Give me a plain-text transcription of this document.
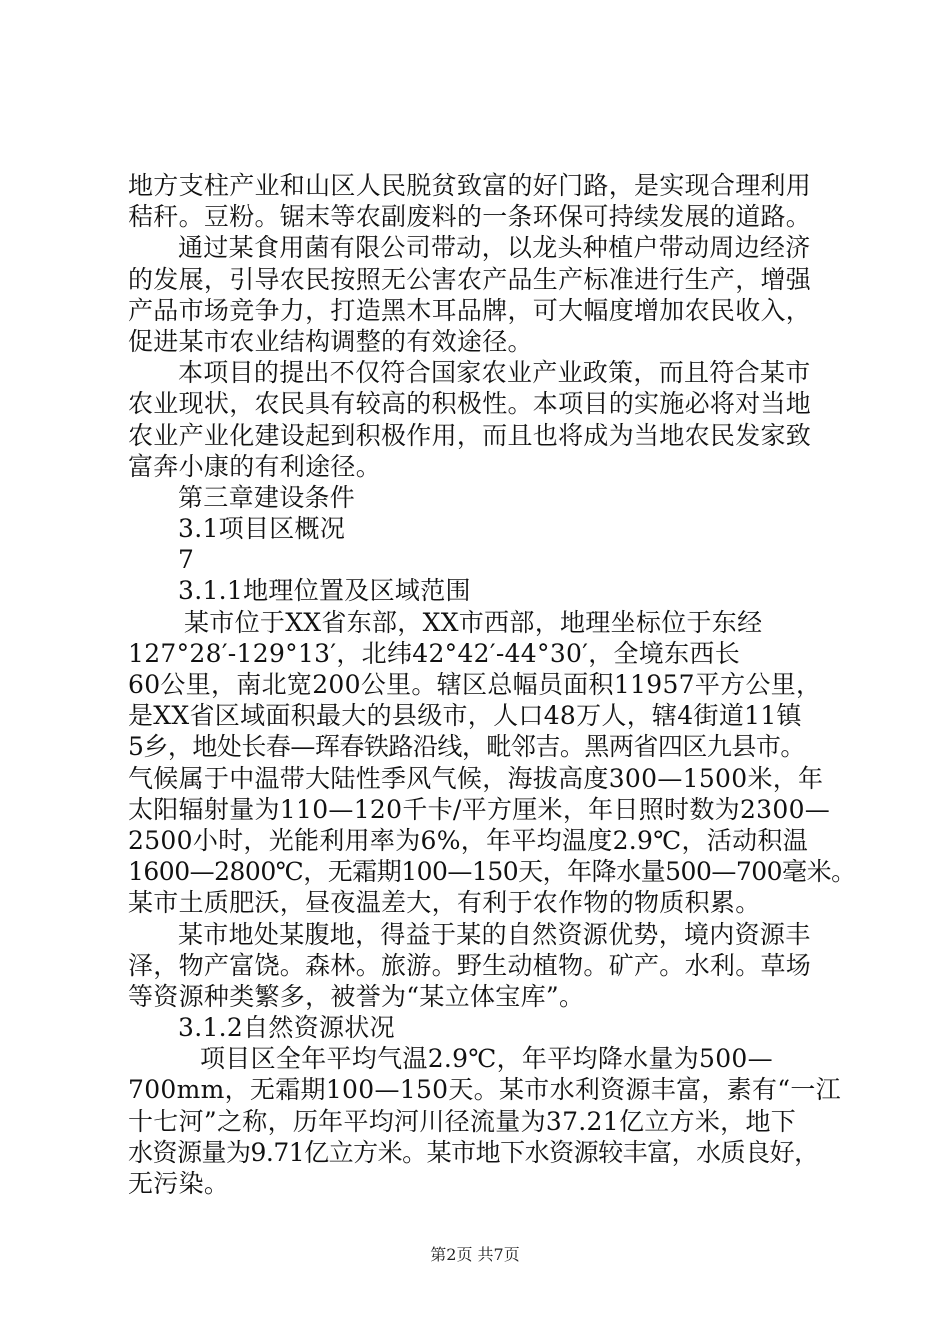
地方支柱产业和山区人民脱贫致富的好门路，是实现合理利用
秸秆。豆粉。锯末等农副废料的一条环保可持续发展的道路。
通过某食用菌有限公司带动，以龙头种植户带动周边经济
的发展，引导农民按照无公害农产品生产标准进行生产，增强
产品市场竞争力，打造黑木耳品牌，可大幅度增加农民收入，
促进某市农业结构调整的有效途径。
本项目的提出不仅符合国家农业产业政策，而且符合某市
农业现状，农民具有较高的积极性。本项目的实施必将对当地
农业产业化建设起到积极作用，而且也将成为当地农民发家致
富奔小康的有利途径。
第三章建设条件
3.1项目区概况
7
3.1.1地理位置及区域范围
某市位于XX省东部，XX市西部，地理坐标位于东经
127°28′-129°13′，北纬42°42′-44°30′，全境东西长
60公里，南北宽200公里。辖区总幅员面积11957平方公里，
是XX省区域面积最大的县级市，人口48万人，辖4街道11镇
5乡，地处长春—珲春铁路沿线，毗邻吉。黑两省四区九县市。
气候属于中温带大陆性季风气候，海拔高度300—1500米，年
太阳辐射量为110—120千卡/平方厘米，年日照时数为2300—
2500小时，光能利用率为6%，年平均温度2.9℃，活动积温
1600—2800℃，无霜期100—150天，年降水量500—700毫米。
某市土质肥沃，昼夜温差大，有利于农作物的物质积累。
某市地处某腹地，得益于某的自然资源优势，境内资源丰
泽，物产富饶。森林。旅游。野生动植物。矿产。水利。草场
等资源种类繁多，被誉为“某立体宝库”。
3.1.2自然资源状况
项目区全年平均气温2.9℃，年平均降水量为500—
700mm，无霜期100—150天。某市水利资源丰富，素有“一江
十七河”之称，历年平均河川径流量为37.21亿立方米，地下
水资源量为9.71亿立方米。某市地下水资源较丰富，水质良好，
无污染。
第2页 共7页
